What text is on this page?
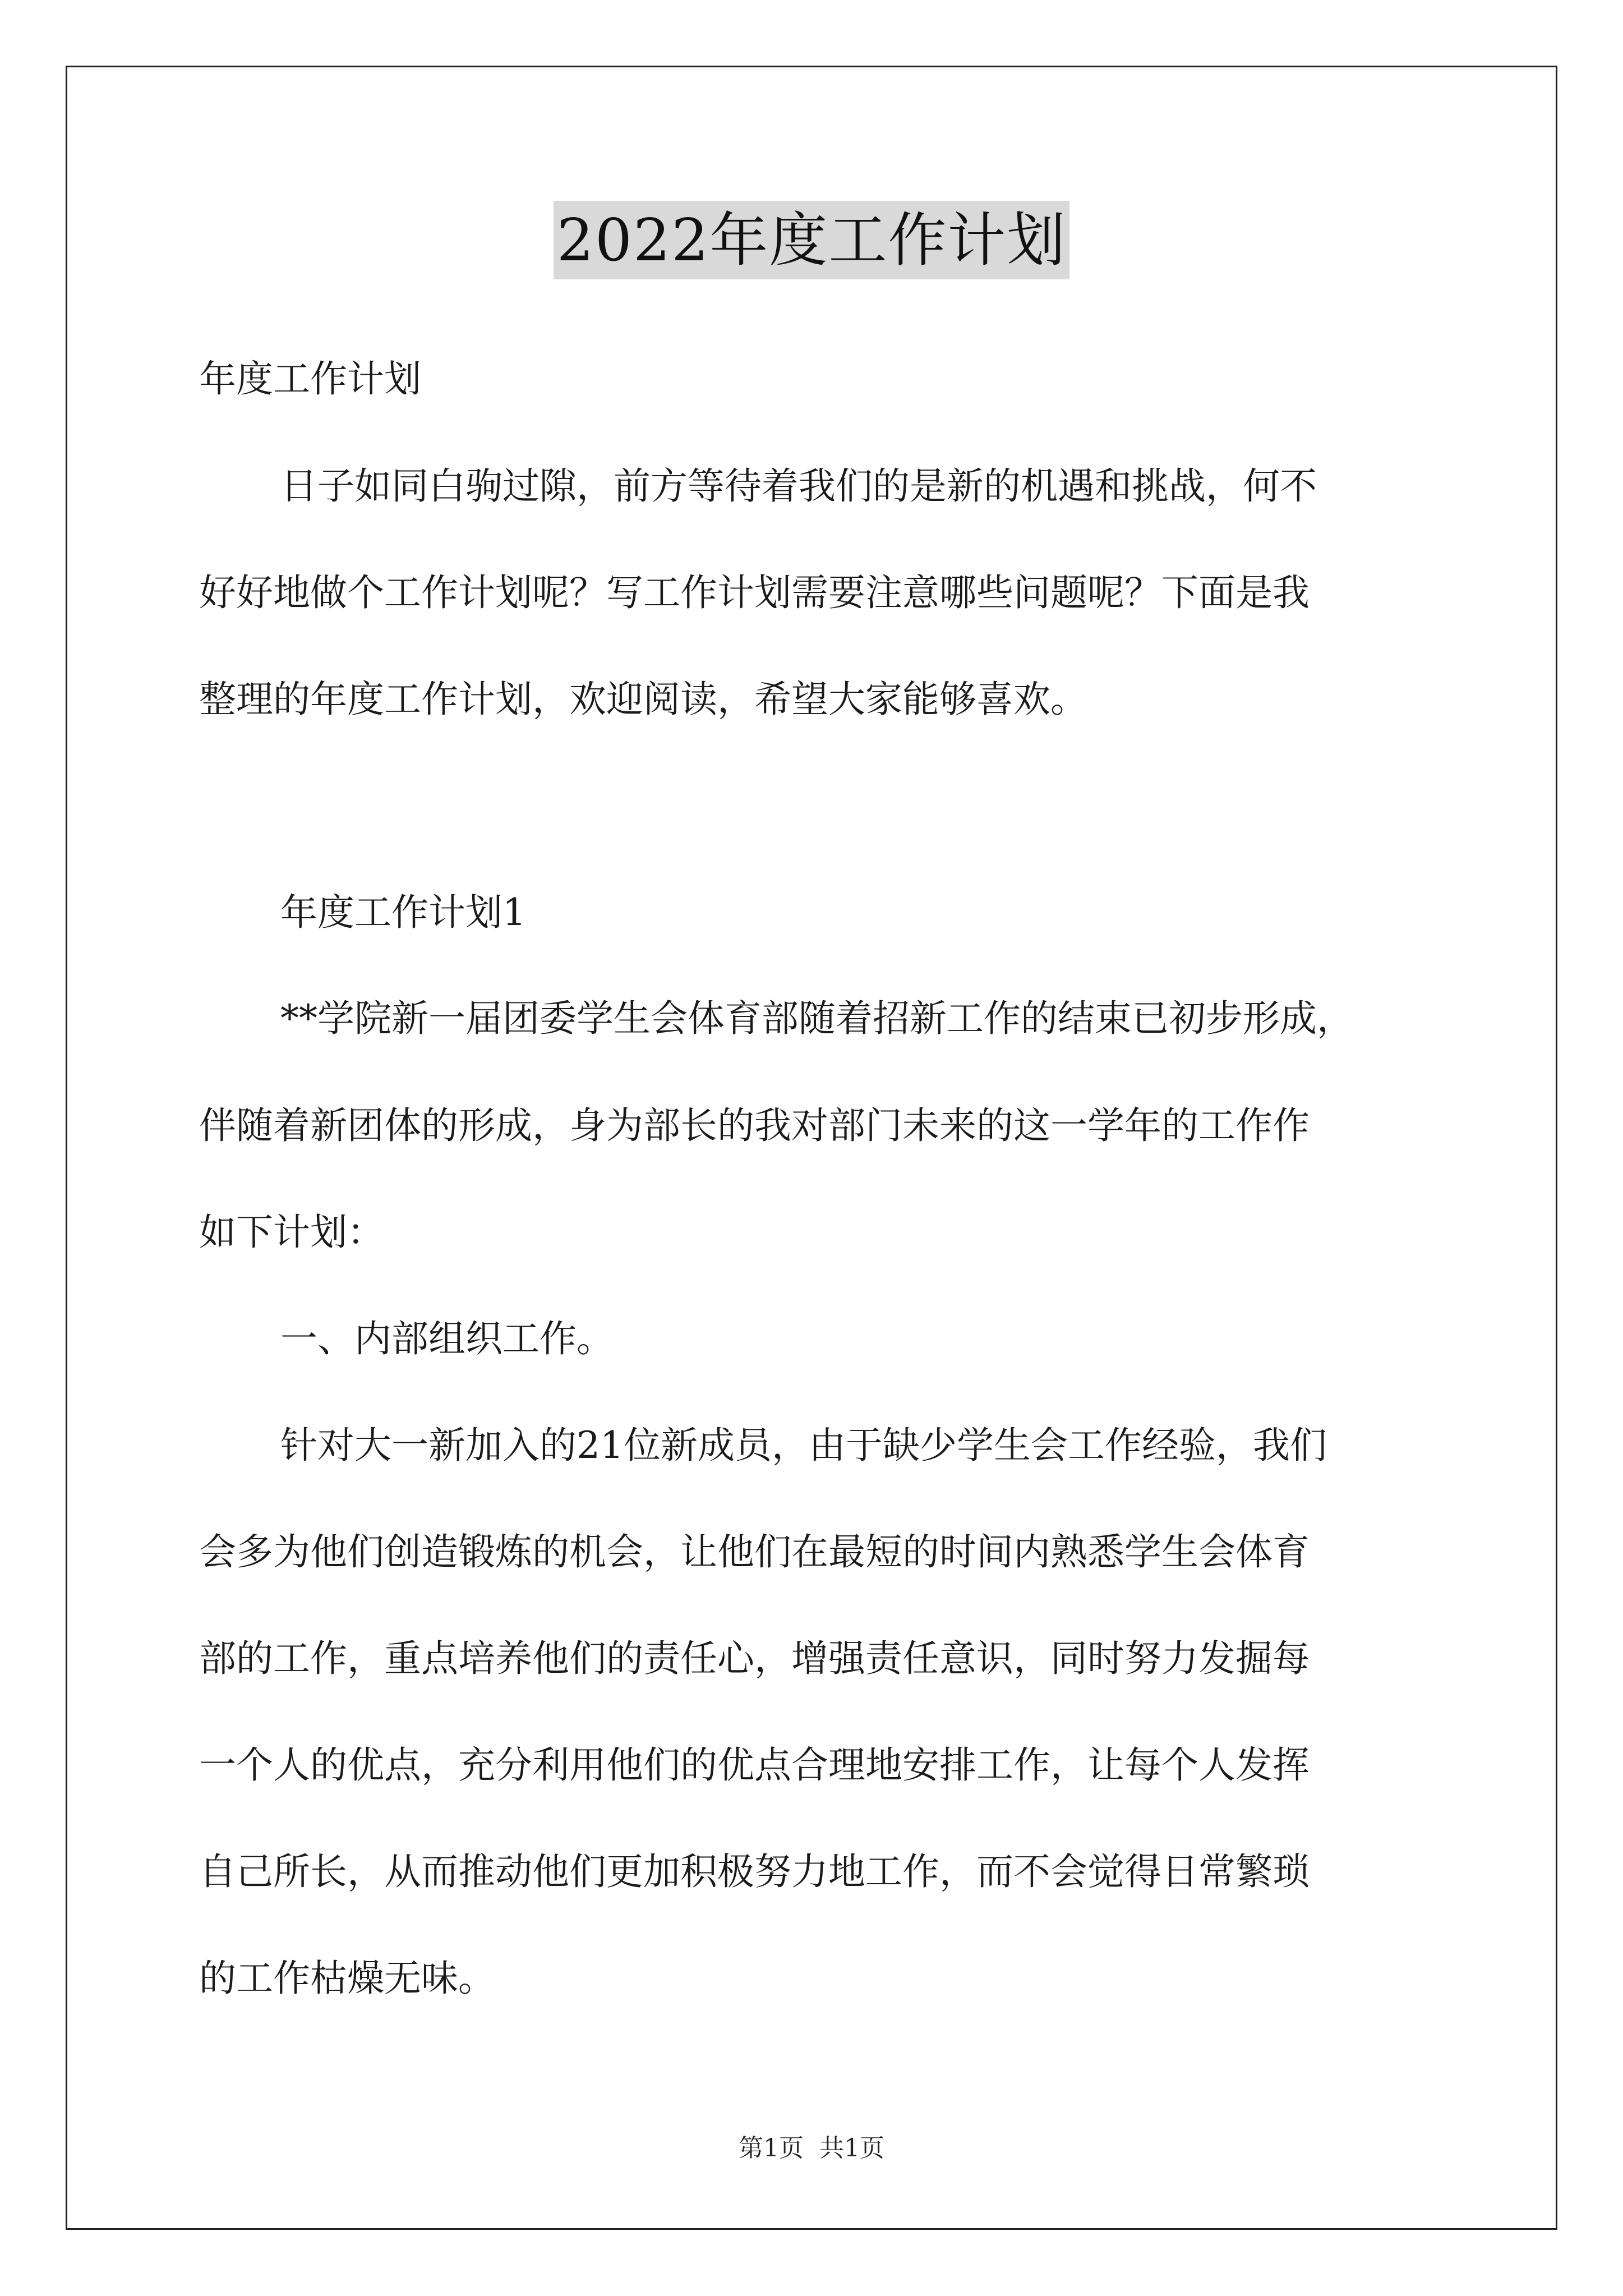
2022年度工作计划
年度工作计划
日子如同白驹过隙，前方等待着我们的是新的机遇和挑战，何不
好好地做个工作计划呢？写工作计划需要注意哪些问题呢？下面是我
整理的年度工作计划，欢迎阅读，希望大家能够喜欢。
年度工作计划1
**学院新一届团委学生会体育部随着招新工作的结束已初步形成，
伴随着新团体的形成，身为部长的我对部门未来的这一学年的工作作
如下计划：
一、内部组织工作。
针对大一新加入的21位新成员，由于缺少学生会工作经验，我们
会多为他们创造锻炼的机会，让他们在最短的时间内熟悉学生会体育
部的工作，重点培养他们的责任心，增强责任意识，同时努力发掘每
一个人的优点，充分利用他们的优点合理地安排工作，让每个人发挥
自己所长，从而推动他们更加积极努力地工作，而不会觉得日常繁琐
的工作枯燥无味。
第1页 共1页
